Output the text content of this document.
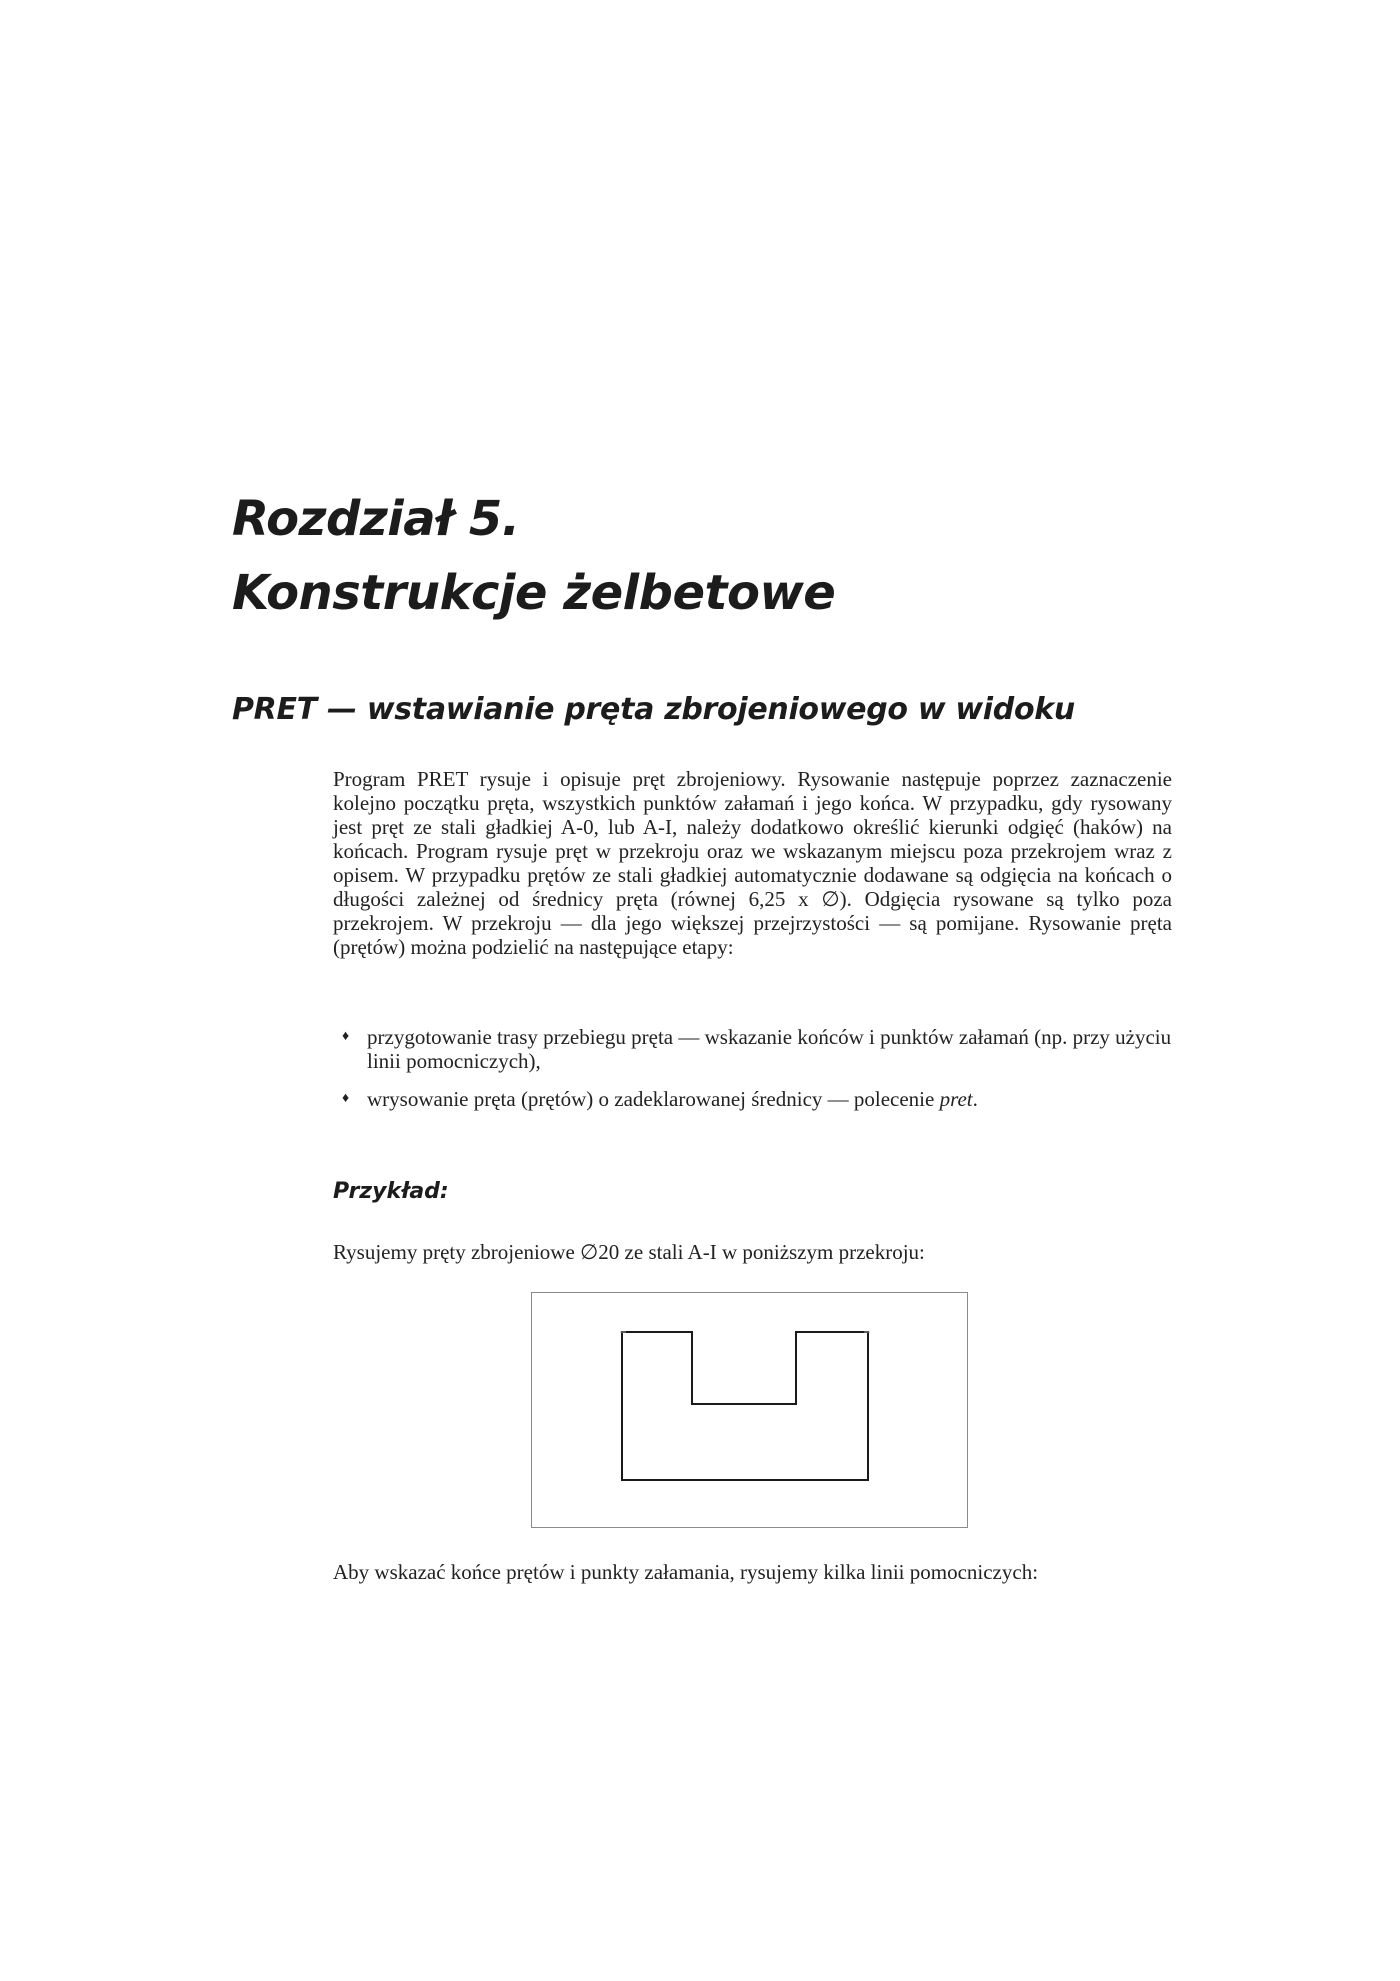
Rozdział 5.
Konstrukcje żelbetowe
PRET — wstawianie pręta zbrojeniowego w widoku
Program PRET rysuje i opisuje pręt zbrojeniowy. Rysowanie następuje poprzez zaznaczenie kolejno początku pręta, wszystkich punktów załamań i jego końca. W przypadku, gdy rysowany jest pręt ze stali gładkiej A-0, lub A-I, należy dodatkowo określić kierunki odgięć (haków) na końcach. Program rysuje pręt w przekroju oraz we wskazanym miejscu poza przekrojem wraz z opisem. W przypadku prętów ze stali gładkiej automatycznie dodawane są odgięcia na końcach o długości zależnej od średnicy pręta (równej 6,25 x ∅). Odgięcia rysowane są tylko poza przekrojem. W przekroju — dla jego większej przejrzystości — są pomijane. Rysowanie pręta (prętów) można podzielić na następujące etapy:
♦ przygotowanie trasy przebiegu pręta — wskazanie końców i punktów załamań (np. przy użyciu linii pomocniczych),
♦ wrysowanie pręta (prętów) o zadeklarowanej średnicy — polecenie pret.
Przykład:
Rysujemy pręty zbrojeniowe ∅20 ze stali A-I w poniższym przekroju:
Aby wskazać końce prętów i punkty załamania, rysujemy kilka linii pomocniczych:
